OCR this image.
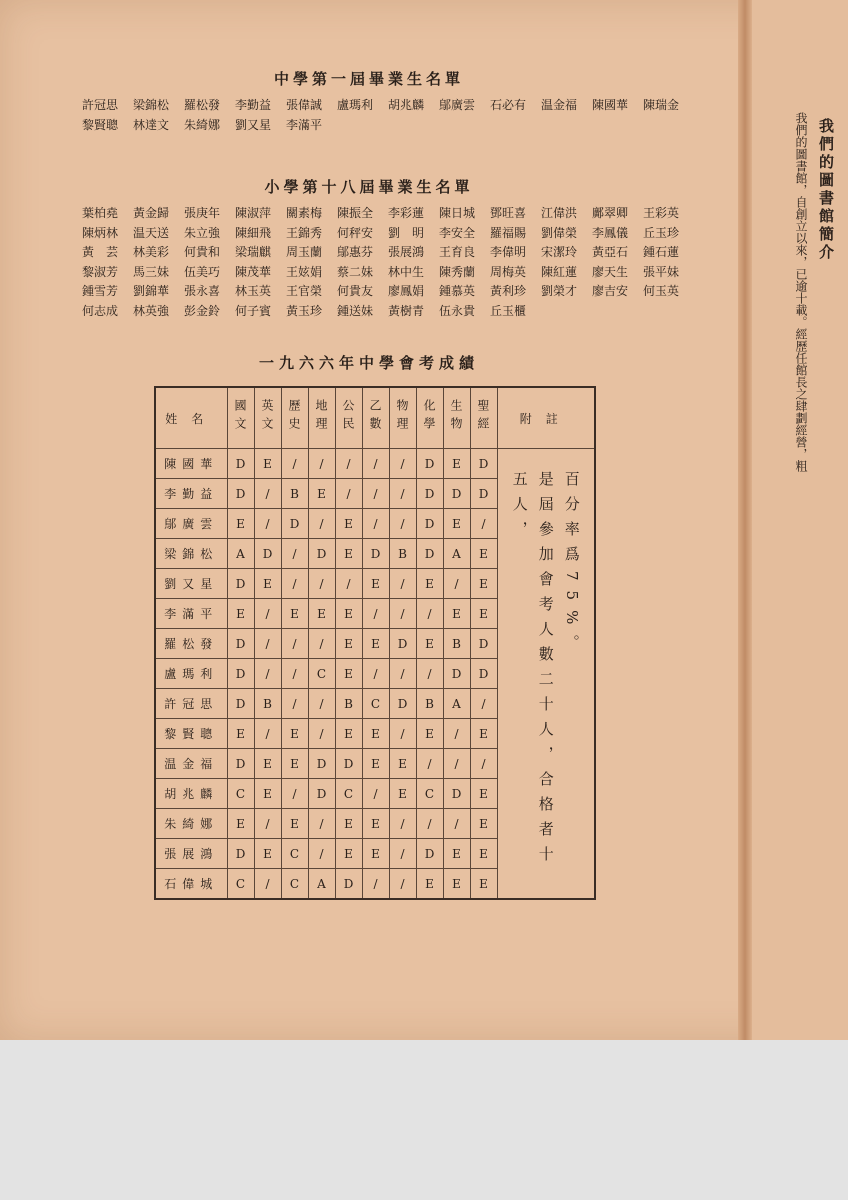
中學第一屆畢業生名單
許冠思	梁錦松	羅松發	李勤益	張偉誠	盧瑪利	胡兆麟	鄔廣雲	石必有	温金福	陳國華	陳瑞金
黎賢聰	林達文	朱綺娜	劉又星	李滿平
小學第十八屆畢業生名單
葉柏堯	黃金歸	張庚年	陳淑萍	關素梅	陳振全	李彩蓮	陳日城	鄧旺喜	江偉洪	鄺翠卿	王彩英
陳炳林	温天送	朱立強	陳細飛	王錦秀	何秤安	劉　明	李安全	羅福賜	劉偉榮	李鳳儀	丘玉珍
黃　芸	林美彩	何貴和	梁瑞麒	周玉蘭	鄔惠芬	張展鴻	王育良	李偉明	宋潔玲	黃亞石	鍾石蓮
黎淑芳	馬三妹	伍美巧	陳茂華	王妶娟	蔡二妹	林中生	陳秀蘭	周梅英	陳紅蓮	廖天生	張平妹
鍾雪芳	劉錦華	張永喜	林玉英	王官榮	何貴友	廖鳳娟	鍾慕英	黃利珍	劉榮才	廖吉安	何玉英
何志成	林英強	彭金鈴	何子賓	黃玉珍	鍾送妹	黃樹青	伍永貴	丘玉櫃
一九六六年中學會考成績
姓名	國文	英文	歷史	地理	公民	乙數	物理	化學	生物	聖經	附註
陳國華	D	E	/	/	/	/	/	D	E	D	百分率爲75%。
是屆參加會考人數二十人，合格者十五人，

李勤益	D	/	B	E	/	/	/	D	D	D	
鄔廣雲	E	/	D	/	E	/	/	D	E	/	
梁錦松	A	D	/	D	E	D	B	D	A	E	
劉又星	D	E	/	/	/	E	/	E	/	E	
李滿平	E	/	E	E	E	/	/	/	E	E	
羅松發	D	/	/	/	E	E	D	E	B	D	
盧瑪利	D	/	/	C	E	/	/	/	D	D	
許冠思	D	B	/	/	B	C	D	B	A	/	
黎賢聰	E	/	E	/	E	E	/	E	/	E	
温金福	D	E	E	D	D	E	E	/	/	/	
胡兆麟	C	E	/	D	C	/	E	C	D	E	
朱綺娜	E	/	E	/	E	E	/	/	/	E	
張展鴻	D	E	C	/	E	E	/	D	E	E	
石偉城	C	/	C	A	D	/	/	E	E	E	
我們的圖書館簡介
我們的圖書館，自創立以來，已逾十載。經歷任館長之肆劃經營，粗
